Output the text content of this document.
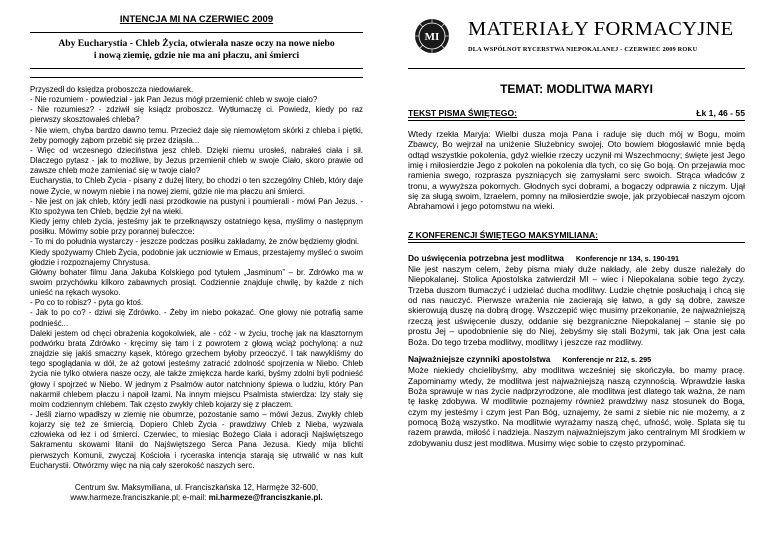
INTENCJA MI NA CZERWIEC 2009
Aby Eucharystia - Chleb Życia, otwierała nasze oczy na nowe niebo
i nową ziemię, gdzie nie ma ani płaczu, ani śmierci

Przyszedł do księdza proboszcza niedowiarek.

- Nie rozumiem - powiedział - jak Pan Jezus mógł przemienić chleb w swoje ciało?

- Nie rozumiesz? - zdziwił się ksiądz proboszcz. Wytłumaczę ci. Powiedz, kiedy po raz pierwszy skosztowałeś chleba?

- Nie wiem, chyba bardzo dawno temu. Przecież daje się niemowlętom skórki z chleba i piętki, żeby pomogły ząbom przebić się przez dziąsła...

- Więc od wczesnego dzieciństwa jesz chleb. Dzięki niemu urosłeś, nabrałeś ciała i sił. Dlaczego pytasz - jak to możliwe, by Jezus przemienił chleb w swoje Ciało, skoro prawie od zawsze chleb może zamieniać się w twoje ciało?

Eucharystia, to Chleb Życia - pisany z dużej litery, bo chodzi o ten szczególny Chleb, który daje nowe Życie, w nowym niebie i na nowej ziemi, gdzie nie ma płaczu ani śmierci.

- Nie jest on jak chleb, który jedli nasi przodkowie na pustyni i poumierali - mówi Pan Jezus. - Kto spożywa ten Chleb, będzie żył na wieki.

Kiedy jemy chleb życia, jesteśmy jak te przełknąwszy ostatniego kęsa, myślimy o następnym posiłku. Mówimy sobie przy porannej buleczce:

- To mi do południa wystarczy - jeszcze podczas posiłku zakładamy, że znów będziemy głodni.

Kiedy spożywamy Chleb Życia, podobnie jak uczniowie w Emaus, przestajemy myśleć o swoim głodzie i rozpoznajemy Chrystusa.

Główny bohater filmu Jana Jakuba Kolskiego pod tytułem „Jasminum” – br. Zdrówko ma w swoim przychówku kilkoro zabawnych prosiąt. Codziennie znajduje chwilę, by każde z nich unieść na rękach wysoko.

- Po co to robisz? - pyta go ktoś.

- Jak to po co? - dziwi się Zdrówko. - Żeby im niebo pokazać. One głowy nie potrafią same podnieść...

Daleki jestem od chęci obrażenia kogokolwiek, ale - cóż - w życiu, trochę jak na klasztornym podwórku brata Zdrówko - kręcimy się tam i z powrotem z głową wciąż pochyloną: a nuż znajdzie się jakiś smaczny kąsek, którego grzechem byłoby przeoczyć. I tak nawykliśmy do tego spoglądania w dół, że aż gotowi jesteśmy zatracić zdolność spojrzenia w Niebo. Chleb życia nie tylko otwiera nasze oczy, ale także zmiękcza harde karki, byśmy zdolni byli podnieść głowy i spojrzeć w Niebo. W jednym z Psalmów autor natchniony śpiewa o ludziu, który Pan nakarmił chlebem płaczu i napoił łzami. Na innym miejscu Psalmista stwierdza: Izy stały się moim codziennym chlebem. Tak często zwykły chleb kojarzy się z płaczem.

- Jeśli ziarno wpadłszy w ziemię nie obumrze, pozostanie samo – mówi Jezus. Zwykły chleb kojarzy się też ze śmiercią. Dopiero Chleb Życia - prawdziwy Chleb z Nieba, wyzwala człowieka od łez i od śmierci. Czerwiec, to miesiąc Bożego Ciała i adoracji Najświętszego Sakramentu skowami litanii do Najświętszego Serca Pana Jezusa. Kiedy mija blichti pierwszych Komunii, zwyczaj Kościoła i ryceraska intencja starają się utrwalić w nas kult Eucharystii. Otwórzmy więc na nią cały szerokość naszych serc.

Centrum św. Maksymiliana, ul. Franciszkańska 12, Harmęże 32-600,
www.harmeze.franciszkanie.pl; e-mail: mi.harmeze@franciszkanie.pl.
MI MATERIAŁY FORMACYJNE
DLA WSPÓLNOT RYCERSTWA NIEPOKALANEJ - CZERWIEC 2009 ROKU
TEMAT: MODLITWA MARYI
TEKST PISMA ŚWIĘTEGO:	Łk 1, 46 - 55

Wtedy rzekła Maryja: Wielbi dusza moja Pana i raduje się duch mój w Bogu, moim Zbawcy, Bo wejrzał na uniżenie Służebnicy swojej. Oto bowiem błogosławić mnie będą odtąd wszystkie pokolenia, gdyż wielkie rzeczy uczynił mi Wszechmocny; święte jest Jego imię i miłosierdzie Jego z pokolen na pokolenia dla tych, co się Go boją. On przejawia moc ramienia swego, rozprasza pyszniących się zamysłami serc swoich. Strąca władców z tronu, a wywyższa pokornych. Głodnych syci dobrami, a bogaczy odprawia z niczym. Ujął się za sługą swoim, Izraelem, pomny na miłosierdzie swoje, jak przyobiecał naszym ojcom Abrahamowi i jego potomstwu na wieki.

Z KONFERENCJI ŚWIĘTEGO MAKSYMILIANA:

Do uświęcenia potrzebna jest modlitwa Konferencje nr 134, s. 190-191
Nie jest naszym celem, żeby pisma miały duże nakłady, ale żeby dusze należały do Niepokalanej. Stolica Apostolska zatwierdził MI – wiec i Niepokalana sobie tego życzy. Trzeba duszom tłumaczyć i udzielać ducha modlitwy. Ludzie chętnie posłuchają i chcą się od nas nauczyć. Pierwsze wrażenia nie zacierają się łatwo, a gdy są dobre, zawsze skierowują duszę na dobrą drogę. Wszczepić więc musimy przekonanie, że najważniejszą rzeczą jest uświęcenie duszy, oddanie się bezgraniczne Niepokalanej – stanie się po prostu Jej – upodobnienie się do Niej, żebyśmy się stali Bożymi, tak jak Ona jest cała Boża. Do tego trzeba modlitwy, modlitwy i jeszcze raz modlitwy.

Najważniejsze czynniki apostolstwa Konferencje nr 212, s. 295
Może niekiedy chcielibyśmy, aby modlitwa wcześniej się skończyła, bo mamy pracę. Zapominamy wtedy, że modlitwa jest najważniejszą naszą czynnością. Wprawdzie łaska Boża sprawuje w nas życie nadprzyrodzone, ale modlitwa jest dlatego tak ważna, że nam tę łaskę zdobywa. W modlitwie poznajemy również prawdziwy nasz stosunek do Boga, czym my jesteśmy i czym jest Pan Bóg, uznajemy, że sami z siebie nic nie możemy, a z pomocą Bożą wszystko. Na modlitwie wyrażamy naszą chęć, ufność, wolę. Splata się tu razem prawda, miłość i nadzieja. Naszym najważniejszym jako centralnym MI środkiem w zdobywaniu dusz jest modlitwa. Musimy więc sobie to często przypominać.
